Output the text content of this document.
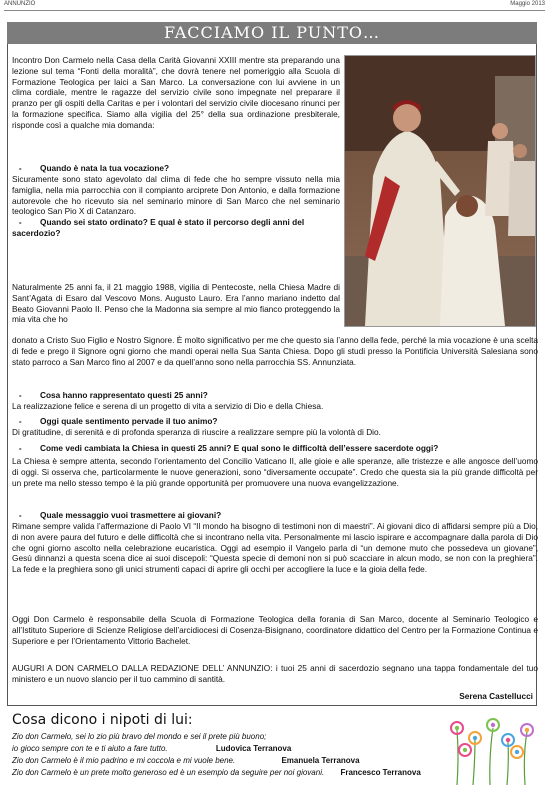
ANNUNZIO	Maggio 2013
FACCIAMO IL PUNTO…
Incontro Don Carmelo nella Casa della Carità Giovanni XXIII mentre sta preparando una lezione sul tema “Fonti della moralità”, che dovrà tenere nel pomeriggio alla Scuola di Formazione Teologica per laici a San Marco. La conversazione con lui avviene in un clima cordiale, mentre le ragazze del servizio civile sono impegnate nel preparare il pranzo per gli ospiti della Caritas e per i volontari del servizio civile diocesano rinunci per la formazione specifica. Siamo alla vigilia del 25° della sua ordinazione presbiterale, risponde così a qualche mia domanda:
- Quando è nata la tua vocazione?
Sicuramente sono stato agevolato dal clima di fede che ho sempre vissuto nella mia famiglia, nella mia parrocchia con il compianto arciprete Don Antonio, e dalla formazione autorevole che ho ricevuto sia nel seminario minore di San Marco che nel seminario teologico San Pio X di Catanzaro.
- Quando sei stato ordinato? E qual è stato il percorso degli anni del sacerdozio?
Naturalmente 25 anni fa, il 21 maggio 1988, vigilia di Pentecoste, nella Chiesa Madre di Sant’Agata di Esaro dal Vescovo Mons. Augusto Lauro. Era l’anno mariano indetto dal Beato Giovanni Paolo II. Penso che la Madonna sia sempre al mio fianco proteggendo la mia vita che ho
donato a Cristo Suo Figlio e Nostro Signore. È molto significativo per me che questo sia l’anno della fede, perché la mia vocazione è una scelta di fede e prego il Signore ogni giorno che mandi operai nella Sua Santa Chiesa. Dopo gli studi presso la Pontificia Università Salesiana sono stato parroco a San Marco fino al 2007 e da quell’anno sono nella parrocchia SS. Annunziata.
- Cosa hanno rappresentato questi 25 anni?
La realizzazione felice e serena di un progetto di vita a servizio di Dio e della Chiesa.
- Oggi quale sentimento pervade il tuo animo?
Di gratitudine, di serenità e di profonda speranza di riuscire a realizzare sempre più la volontà di Dio.
- Come vedi cambiata la Chiesa in questi 25 anni? E qual sono le difficoltà dell’essere sacerdote oggi?
La Chiesa è sempre attenta, secondo l’orientamento del Concilio Vaticano II, alle gioie e alle speranze, alle tristezze e alle angosce dell’uomo di oggi. Si osserva che, particolarmente le nuove generazioni, sono “diversamente occupate”. Credo che questa sia la più grande difficoltà per un prete ma nello stesso tempo è la più grande opportunità per promuovere una nuova evangelizzazione.
- Quale messaggio vuoi trasmettere ai giovani?
Rimane sempre valida l’affermazione di Paolo VI “Il mondo ha bisogno di testimoni non di maestri”. Ai giovani dico di affidarsi sempre più a Dio, di non avere paura del futuro e delle difficoltà che si incontrano nella vita. Personalmente mi lascio ispirare e accompagnare dalla parola di Dio che ogni giorno ascolto nella celebrazione eucaristica. Oggi ad esempio il Vangelo parla di “un demone muto che possedeva un giovane”, Gesù dinnanzi a questa scena dice ai suoi discepoli: “Questa specie di demoni non si può scacciare in alcun modo, se non con la preghiera”. La fede e la preghiera sono gli unici strumenti capaci di aprire gli occhi per accogliere la luce e la gioia della fede.
Oggi Don Carmelo è responsabile della Scuola di Formazione Teologica della forania di San Marco, docente al Seminario Teologico e all’Istituto Superiore di Scienze Religiose dell’arcidiocesi di Cosenza-Bisignano, coordinatore didattico del Centro per la Formazione Continua e Superiore e per l’Orientamento Vittorio Bachelet.
AUGURI A DON CARMELO DALLA REDAZIONE DELL’ ANNUNZIO: i tuoi 25 anni di sacerdozio segnano una tappa fondamentale del tuo ministero e un nuovo slancio per il tuo cammino di santità.
Serena Castellucci
Cosa dicono i nipoti di lui:
Zio don Carmelo, sei lo zio più bravo del mondo e sei il prete più buono;
io gioco sempre con te e ti aiuto a fare tutto.	Ludovica Terranova
Zio don Carmelo è il mio padrino e mi coccola e mi vuole bene.	Emanuela Terranova
Zio don Carmelo è un prete molto generoso ed è un esempio da seguire per noi giovani. Francesco Terranova
